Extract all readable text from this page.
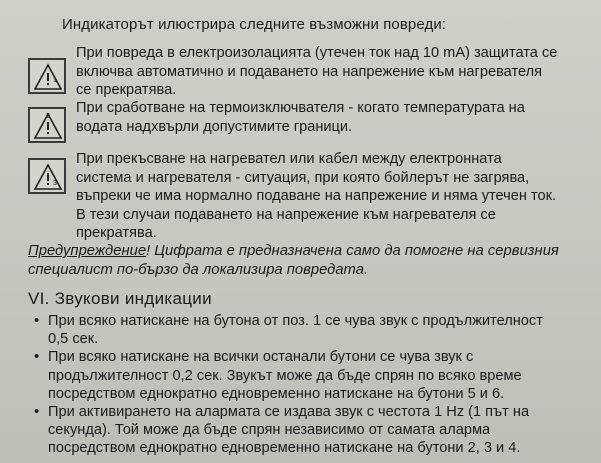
Индикаторът илюстрира следните възможни повреди:
1
При повреда в електроизолацията (утечен ток над 10 mA) защитата се
включва автоматично и подаването на напрежение към нагревателя
се прекратява.
2
При сработване на термоизключвателя - когато температурата на
водата надхвърли допустимите граници.
3
При прекъсване на нагревател или кабел между електронната
система и нагревателя - ситуация, при която бойлерът не загрява,
въпреки че има нормално подаване на напрежение и няма утечен ток.
В тези случаи подаването на напрежение към нагревателя се
прекратява.
Предупреждение! Цифрата е предназначена само да помогне на сервизния
специалист по-бързо да локализира повредата.
VI. Звукови индикации
• При всяко натискане на бутона от поз. 1 се чува звук с продължителност
0,5 сек.
• При всяко натискане на всички останали бутони се чува звук с
продължителност 0,2 сек. Звукът може да бъде спрян по всяко време
посредством еднократно едновременно натискане на бутони 5 и 6.
• При активирането на алармата се издава звук с честота 1 Hz (1 път на
секунда). Той може да бъде спрян независимо от самата аларма
посредством еднократно едновременно натискане на бутони 2, 3 и 4.
